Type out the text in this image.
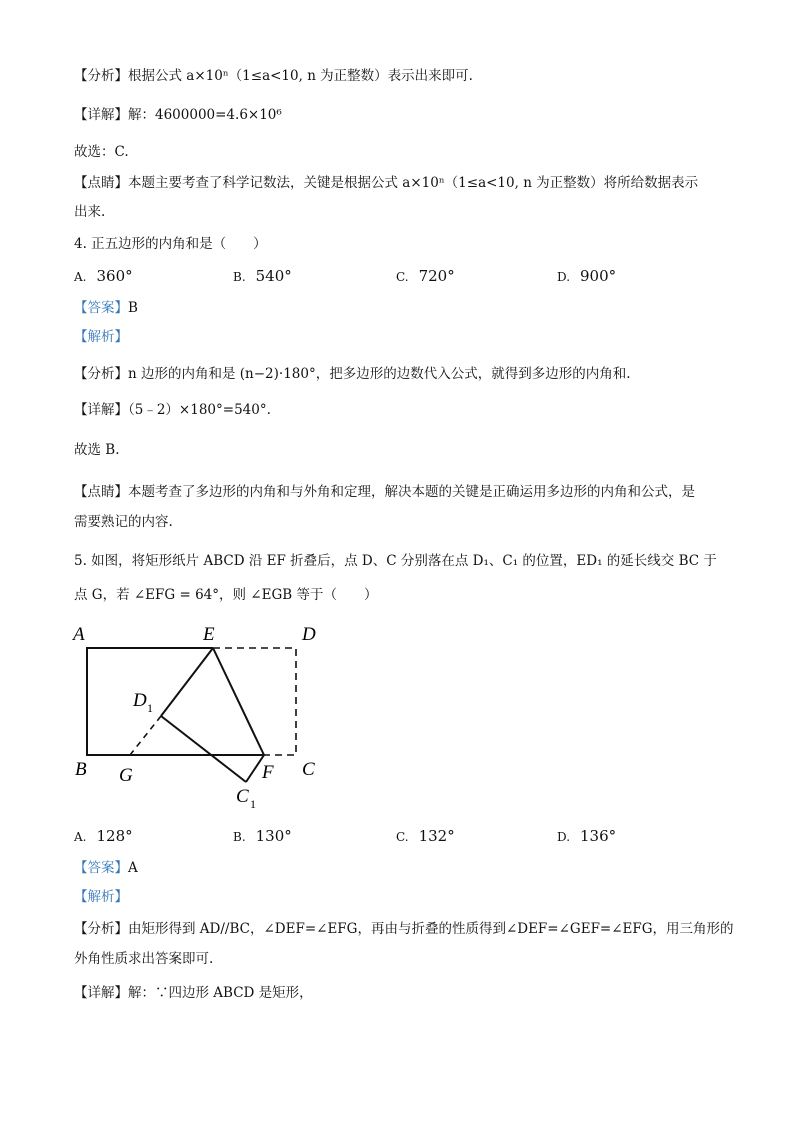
【分析】根据公式 a×10ⁿ（1≤a<10, n 为正整数）表示出来即可.
【详解】解：4600000=4.6×10⁶
故选：C.
【点睛】本题主要考查了科学记数法，关键是根据公式 a×10ⁿ（1≤a<10, n 为正整数）将所给数据表示
出来.
4. 正五边形的内角和是（　　）
A. 360°	B. 540°	C. 720°	D. 900°
【答案】B
【解析】
【分析】n 边形的内角和是 (n−2)·180°，把多边形的边数代入公式，就得到多边形的内角和.
【详解】（5﹣2）×180°=540°.
故选 B.
【点睛】本题考查了多边形的内角和与外角和定理，解决本题的关键是正确运用多边形的内角和公式，是
需要熟记的内容.
5. 如图，将矩形纸片 ABCD 沿 EF 折叠后，点 D、C 分别落在点 D₁、C₁ 的位置，ED₁ 的延长线交 BC 于
点 G，若 ∠EFG = 64°，则 ∠EGB 等于（　　）
A	E	D
D 1
B G	F C
C 1
A. 128°	B. 130°	C. 132°	D. 136°
【答案】A
【解析】
【分析】由矩形得到 AD//BC，∠DEF=∠EFG，再由与折叠的性质得到∠DEF=∠GEF=∠EFG，用三角形的
外角性质求出答案即可.
【详解】解：∵四边形 ABCD 是矩形，
